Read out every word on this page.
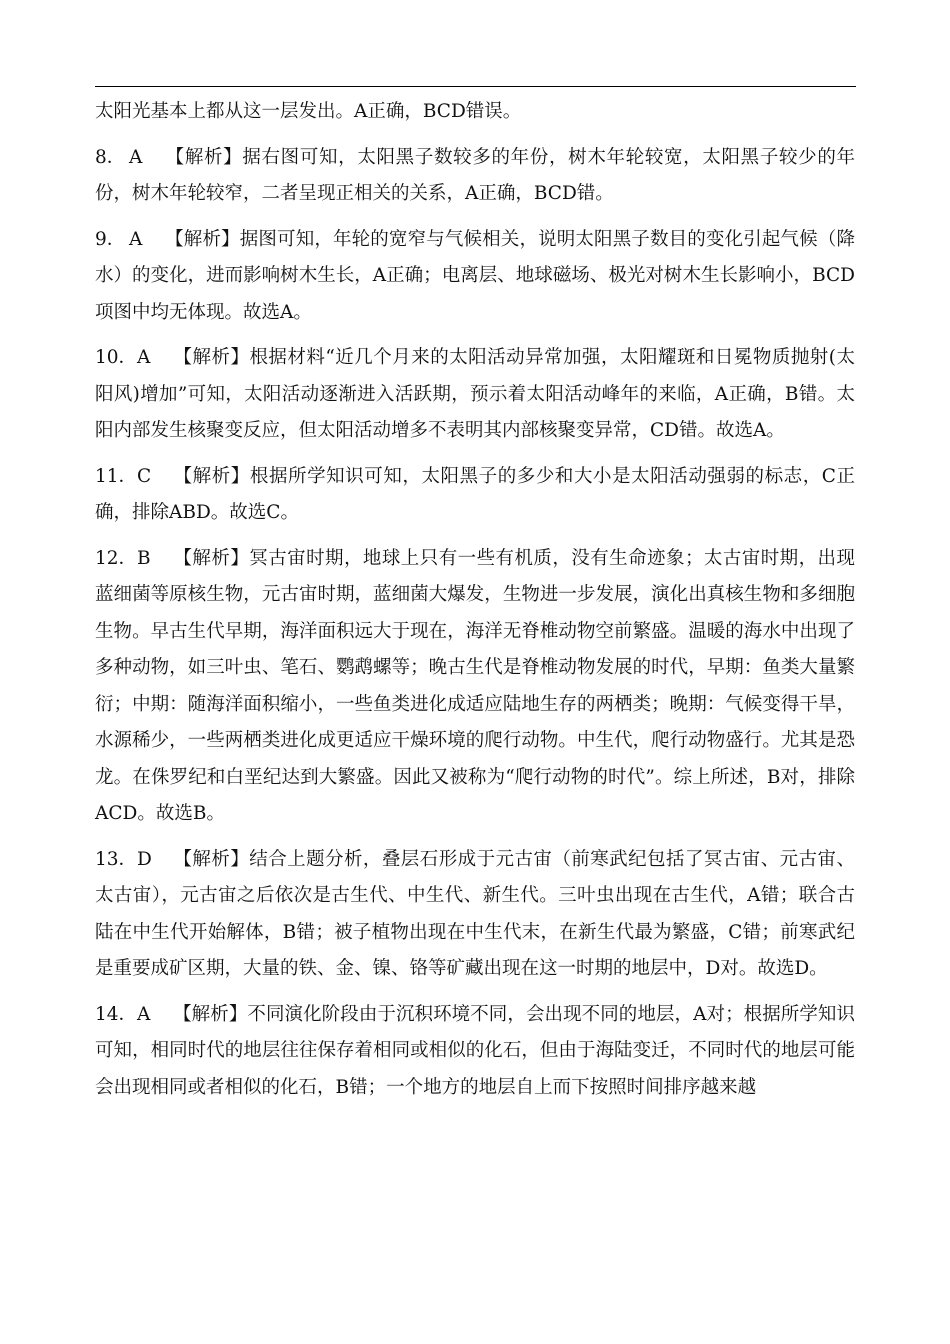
太阳光基本上都从这一层发出。A正确，BCD错误。

8． A 【解析】据右图可知，太阳黑子数较多的年份，树木年轮较宽，太阳黑子较少的年份，树木年轮较窄，二者呈现正相关的关系，A正确，BCD错。

9． A 【解析】据图可知，年轮的宽窄与气候相关，说明太阳黑子数目的变化引起气候（降水）的变化，进而影响树木生长，A正确；电离层、地球磁场、极光对树木生长影响小，BCD项图中均无体现。故选A。

10．A 【解析】根据材料“近几个月来的太阳活动异常加强，太阳耀斑和日冕物质抛射(太阳风)增加”可知，太阳活动逐渐进入活跃期，预示着太阳活动峰年的来临，A正确，B错。太阳内部发生核聚变反应，但太阳活动增多不表明其内部核聚变异常，CD错。故选A。

11．C 【解析】根据所学知识可知，太阳黑子的多少和大小是太阳活动强弱的标志，C正确，排除ABD。故选C。

12．B 【解析】冥古宙时期，地球上只有一些有机质，没有生命迹象；太古宙时期，出现蓝细菌等原核生物，元古宙时期，蓝细菌大爆发，生物进一步发展，演化出真核生物和多细胞生物。早古生代早期，海洋面积远大于现在，海洋无脊椎动物空前繁盛。温暖的海水中出现了多种动物，如三叶虫、笔石、鹦鹉螺等；晚古生代是脊椎动物发展的时代，早期：鱼类大量繁衍；中期：随海洋面积缩小，一些鱼类进化成适应陆地生存的两栖类；晚期：气候变得干旱，水源稀少，一些两栖类进化成更适应干燥环境的爬行动物。中生代，爬行动物盛行。尤其是恐龙。在侏罗纪和白垩纪达到大繁盛。因此又被称为“爬行动物的时代”。综上所述，B对，排除ACD。故选B。

13．D 【解析】结合上题分析，叠层石形成于元古宙（前寒武纪包括了冥古宙、元古宙、太古宙），元古宙之后依次是古生代、中生代、新生代。三叶虫出现在古生代，A错；联合古陆在中生代开始解体，B错；被子植物出现在中生代末，在新生代最为繁盛，C错；前寒武纪是重要成矿区期，大量的铁、金、镍、铬等矿藏出现在这一时期的地层中，D对。故选D。

14．A 【解析】不同演化阶段由于沉积环境不同，会出现不同的地层，A对；根据所学知识可知，相同时代的地层往往保存着相同或相似的化石，但由于海陆变迁，不同时代的地层可能会出现相同或者相似的化石，B错；一个地方的地层自上而下按照时间排序越来越
